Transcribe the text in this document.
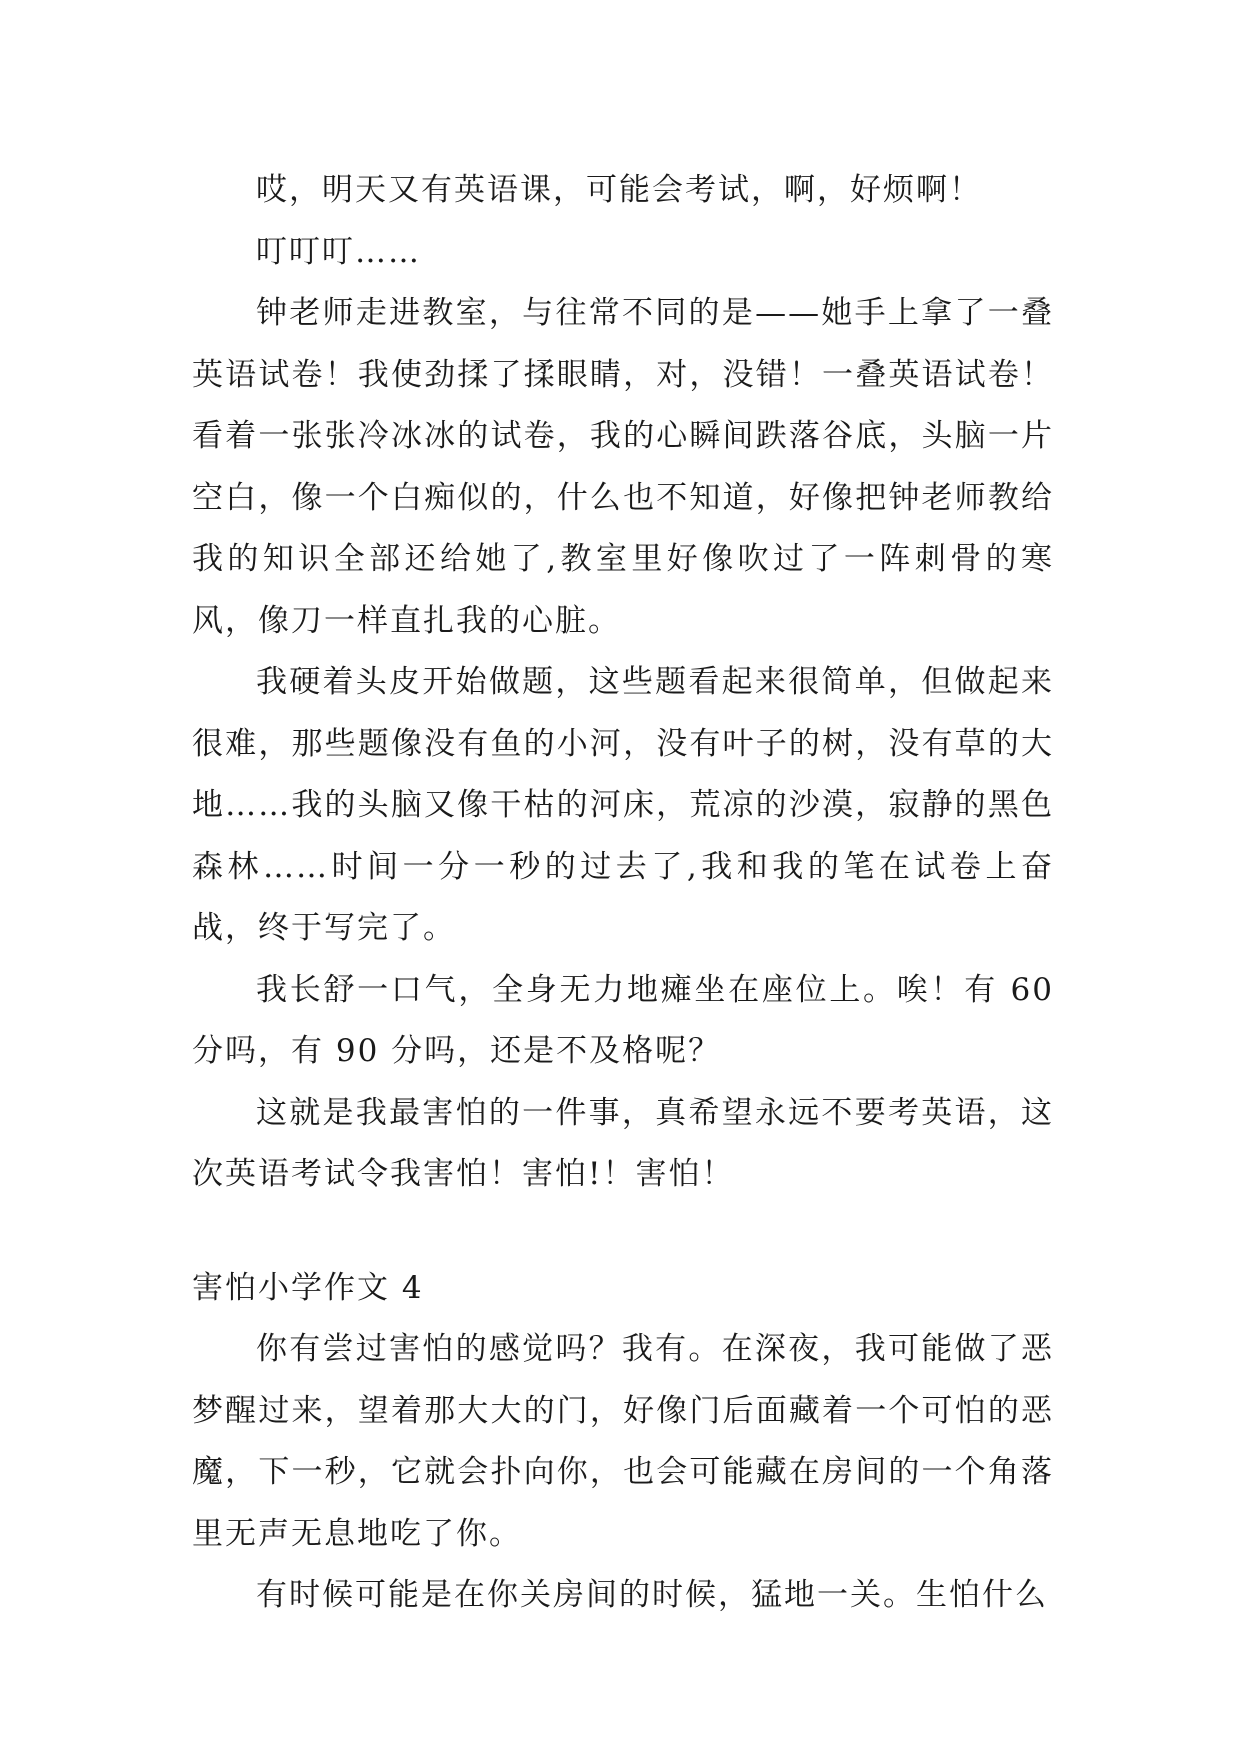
哎，明天又有英语课，可能会考试，啊，好烦啊！

叮叮叮……

钟老师走进教室，与往常不同的是——她手上拿了一叠英语试卷！我使劲揉了揉眼睛，对，没错！一叠英语试卷！看着一张张冷冰冰的试卷，我的心瞬间跌落谷底，头脑一片空白，像一个白痴似的，什么也不知道，好像把钟老师教给我的知识全部还给她了,教室里好像吹过了一阵刺骨的寒风，像刀一样直扎我的心脏。

我硬着头皮开始做题，这些题看起来很简单，但做起来很难，那些题像没有鱼的小河，没有叶子的树，没有草的大地……我的头脑又像干枯的河床，荒凉的沙漠，寂静的黑色森林……时间一分一秒的过去了,我和我的笔在试卷上奋战，终于写完了。

我长舒一口气，全身无力地瘫坐在座位上。唉！有 60 分吗，有 90 分吗，还是不及格呢？

这就是我最害怕的一件事，真希望永远不要考英语，这次英语考试令我害怕！害怕!！害怕！

害怕小学作文 4

你有尝过害怕的感觉吗？我有。在深夜，我可能做了恶梦醒过来，望着那大大的门，好像门后面藏着一个可怕的恶魔，下一秒，它就会扑向你，也会可能藏在房间的一个角落里无声无息地吃了你。

有时候可能是在你关房间的时候，猛地一关。生怕什么
